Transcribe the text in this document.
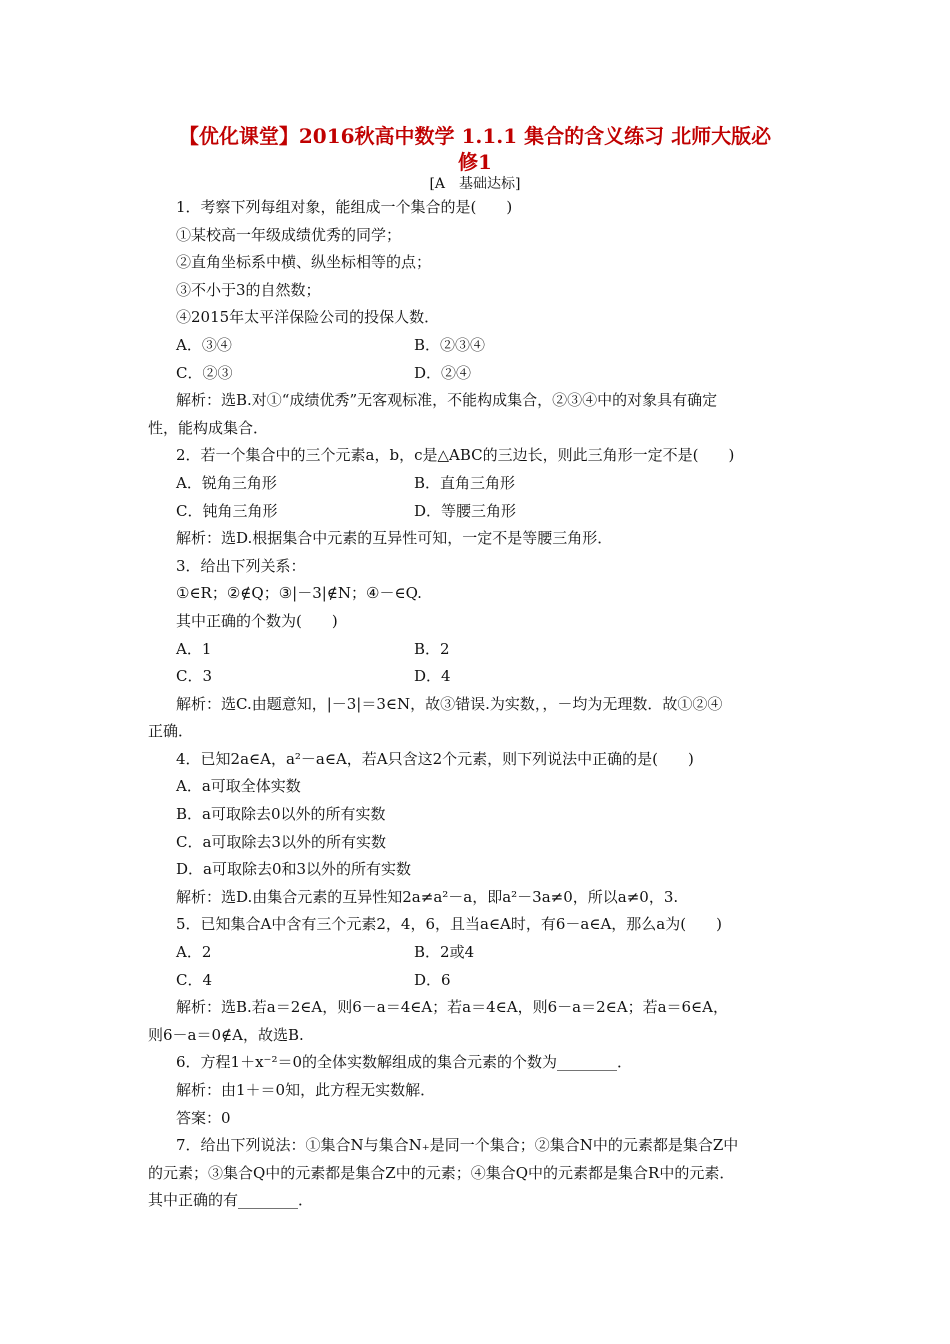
【优化课堂】2016秋高中数学 1.1.1 集合的含义练习 北师大版必
修1
[A　基础达标]
1．考察下列每组对象，能组成一个集合的是(　　)
①某校高一年级成绩优秀的同学；
②直角坐标系中横、纵坐标相等的点；
③不小于3的自然数；
④2015年太平洋保险公司的投保人数．
A．③④	B．②③④
C．②③	D．②④
解析：选B.对①“成绩优秀”无客观标准，不能构成集合，②③④中的对象具有确定
性，能构成集合．
2．若一个集合中的三个元素a，b，c是△ABC的三边长，则此三角形一定不是(　　)
A．锐角三角形	B．直角三角形
C．钝角三角形	D．等腰三角形
解析：选D.根据集合中元素的互异性可知，一定不是等腰三角形．
3．给出下列关系：
①∈R；②∉Q；③|－3|∉N；④－∈Q.
其中正确的个数为(　　)
A．1	B．2
C．3	D．4
解析：选C.由题意知，|－3|＝3∈N，故③错误.为实数，，－均为无理数．故①②④
正确．
4．已知2a∈A，a²－a∈A，若A只含这2个元素，则下列说法中正确的是(　　)
A．a可取全体实数
B．a可取除去0以外的所有实数
C．a可取除去3以外的所有实数
D．a可取除去0和3以外的所有实数
解析：选D.由集合元素的互异性知2a≠a²－a，即a²－3a≠0，所以a≠0，3.
5．已知集合A中含有三个元素2，4，6，且当a∈A时，有6－a∈A，那么a为(　　)
A．2	B．2或4
C．4	D．6
解析：选B.若a＝2∈A，则6－a＝4∈A；若a＝4∈A，则6－a＝2∈A；若a＝6∈A，
则6－a＝0∉A，故选B.
6．方程1＋x⁻²＝0的全体实数解组成的集合元素的个数为________．
解析：由1＋＝0知，此方程无实数解．
答案：0
7．给出下列说法：①集合N与集合N₊是同一个集合；②集合N中的元素都是集合Z中
的元素；③集合Q中的元素都是集合Z中的元素；④集合Q中的元素都是集合R中的元素．
其中正确的有________．
